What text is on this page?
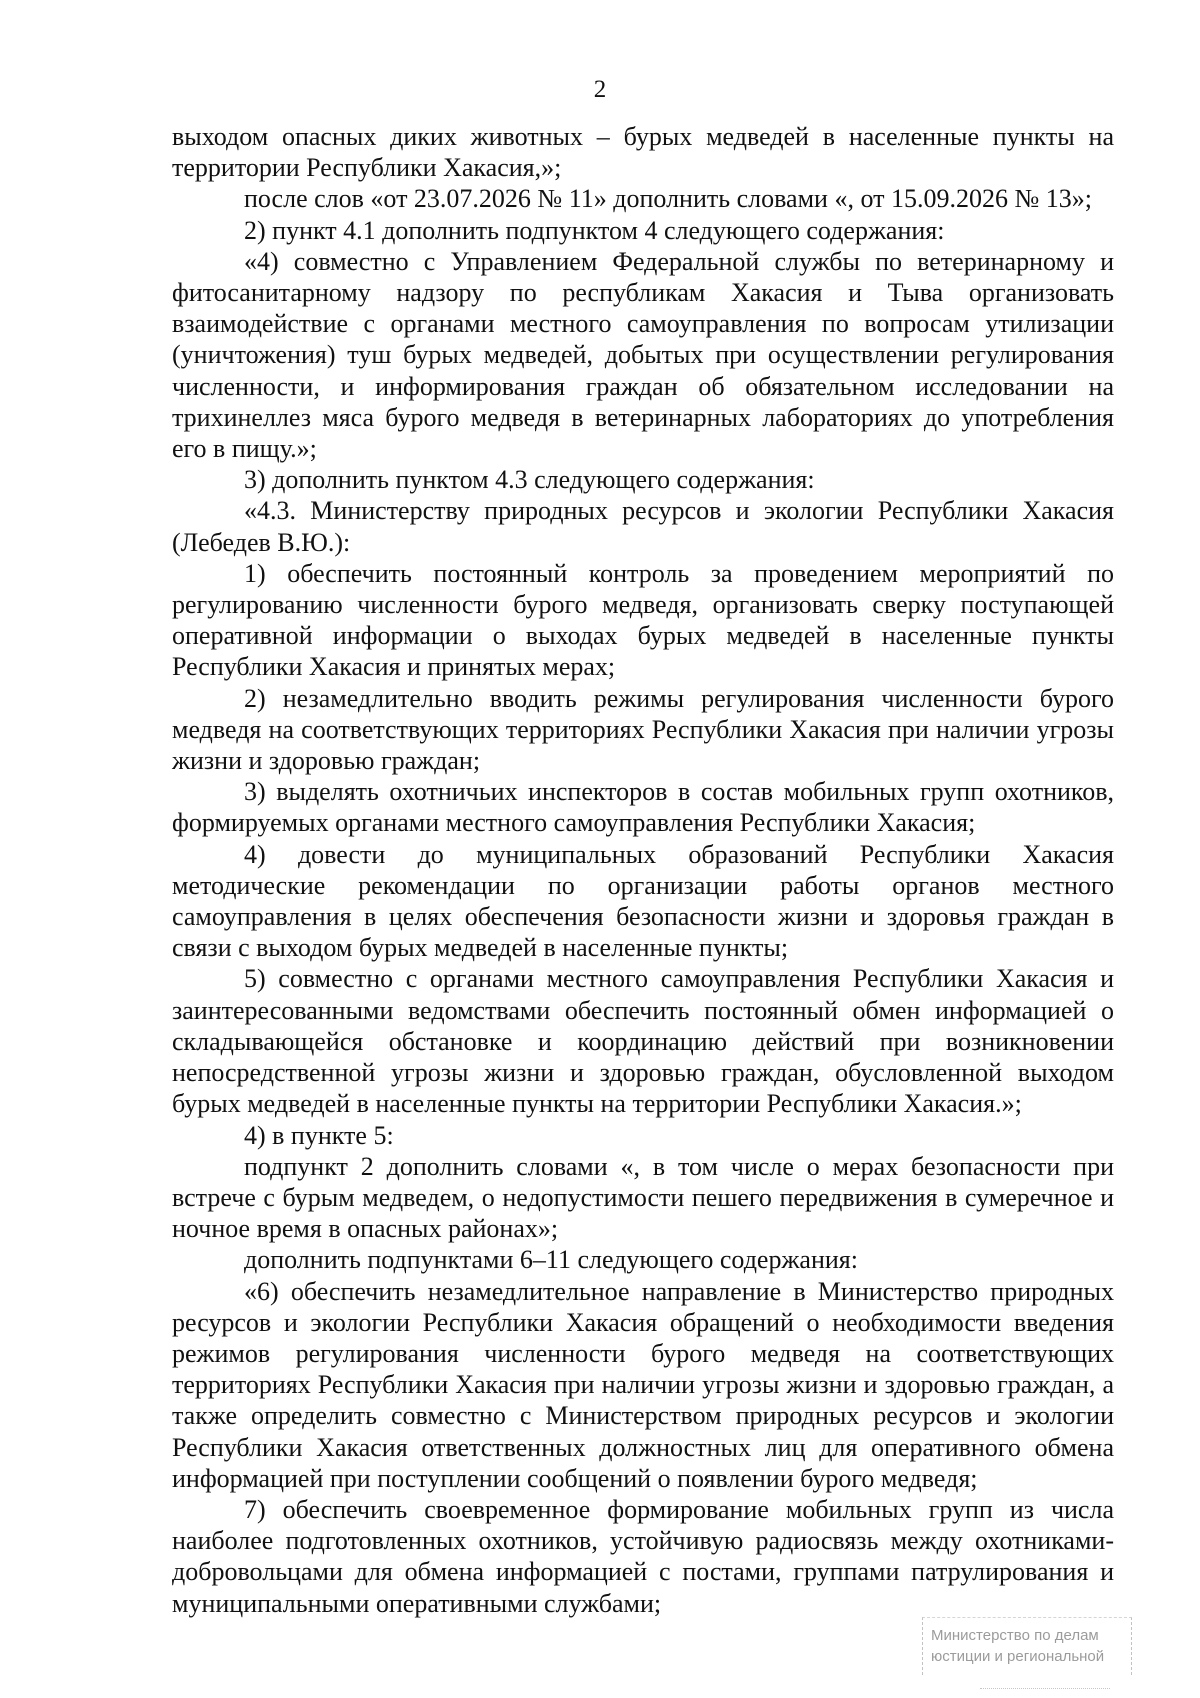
2

выходом опасных диких животных – бурых медведей в населенные пункты на территории Республики Хакасия,»;

после слов «от 23.07.2026 № 11» дополнить словами «, от 15.09.2026 № 13»;

2) пункт 4.1 дополнить подпунктом 4 следующего содержания:

«4) совместно с Управлением Федеральной службы по ветеринарному и фитосанитарному надзору по республикам Хакасия и Тыва организовать взаимодействие с органами местного самоуправления по вопросам утилизации (уничтожения) туш бурых медведей, добытых при осуществлении регулирования численности, и информирования граждан об обязательном исследовании на трихинеллез мяса бурого медведя в ветеринарных лабораториях до употребления его в пищу.»;

3) дополнить пунктом 4.3 следующего содержания:

«4.3. Министерству природных ресурсов и экологии Республики Хакасия (Лебедев В.Ю.):

1) обеспечить постоянный контроль за проведением мероприятий по регулированию численности бурого медведя, организовать сверку поступающей оперативной информации о выходах бурых медведей в населенные пункты Республики Хакасия и принятых мерах;

2) незамедлительно вводить режимы регулирования численности бурого медведя на соответствующих территориях Республики Хакасия при наличии угрозы жизни и здоровью граждан;

3) выделять охотничьих инспекторов в состав мобильных групп охотников, формируемых органами местного самоуправления Республики Хакасия;

4) довести до муниципальных образований Республики Хакасия методические рекомендации по организации работы органов местного самоуправления в целях обеспечения безопасности жизни и здоровья граждан в связи с выходом бурых медведей в населенные пункты;

5) совместно с органами местного самоуправления Республики Хакасия и заинтересованными ведомствами обеспечить постоянный обмен информацией о складывающейся обстановке и координацию действий при возникновении непосредственной угрозы жизни и здоровью граждан, обусловленной выходом бурых медведей в населенные пункты на территории Республики Хакасия.»;

4) в пункте 5:

подпункт 2 дополнить словами «, в том числе о мерах безопасности при встрече с бурым медведем, о недопустимости пешего передвижения в сумеречное и ночное время в опасных районах»;

дополнить подпунктами 6–11 следующего содержания:

«6) обеспечить незамедлительное направление в Министерство природных ресурсов и экологии Республики Хакасия обращений о необходимости введения режимов регулирования численности бурого медведя на соответствующих территориях Республики Хакасия при наличии угрозы жизни и здоровью граждан, а также определить совместно с Министерством природных ресурсов и экологии Республики Хакасия ответственных должностных лиц для оперативного обмена информацией при поступлении сообщений о появлении бурого медведя;

7) обеспечить своевременное формирование мобильных групп из числа наиболее подготовленных охотников, устойчивую радиосвязь между охотниками-добровольцами для обмена информацией с постами, группами патрулирования и муниципальными оперативными службами;

Министерство по делам
юстиции и региональной
